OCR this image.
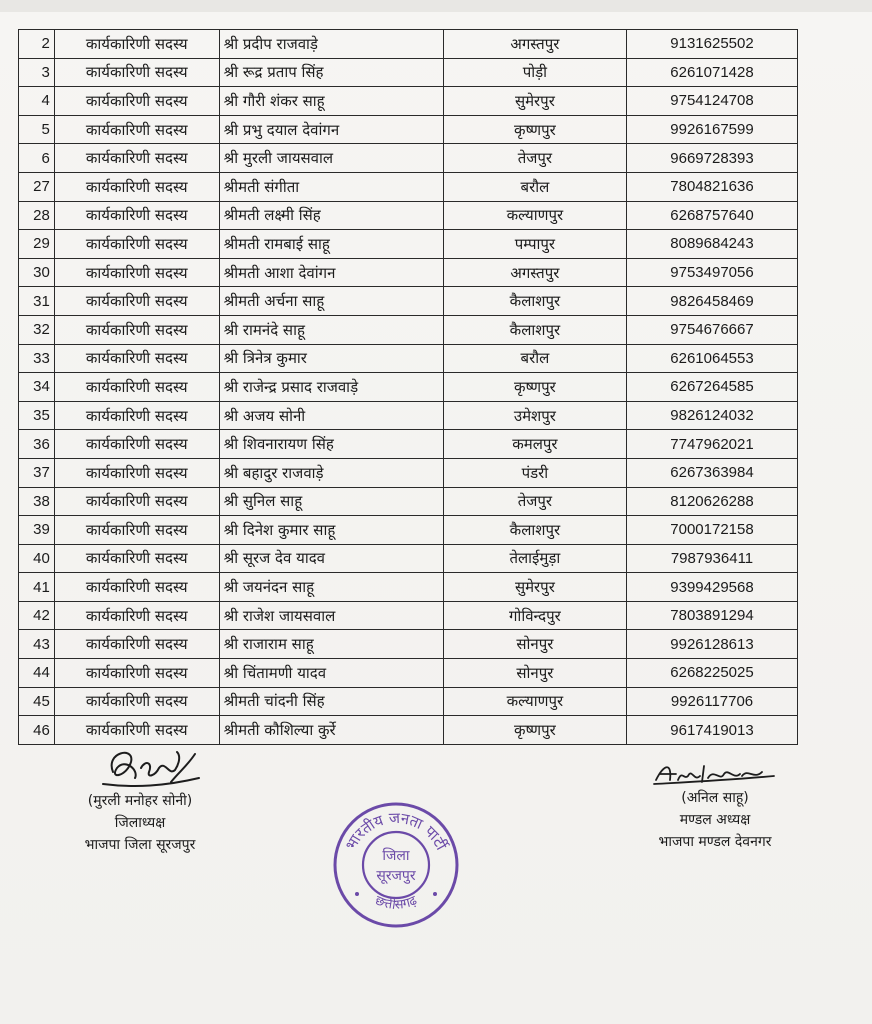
2	कार्यकारिणी सदस्य	श्री प्रदीप राजवाड़े	अगस्तपुर	9131625502
3	कार्यकारिणी सदस्य	श्री रूद्र प्रताप सिंह	पोड़ी	6261071428
4	कार्यकारिणी सदस्य	श्री गौरी शंकर साहू	सुमेरपुर	9754124708
5	कार्यकारिणी सदस्य	श्री प्रभु दयाल देवांगन	कृष्णपुर	9926167599
6	कार्यकारिणी सदस्य	श्री मुरली जायसवाल	तेजपुर	9669728393
27	कार्यकारिणी सदस्य	श्रीमती संगीता	बरौल	7804821636
28	कार्यकारिणी सदस्य	श्रीमती लक्ष्मी सिंह	कल्याणपुर	6268757640
29	कार्यकारिणी सदस्य	श्रीमती रामबाई साहू	पम्पापुर	8089684243
30	कार्यकारिणी सदस्य	श्रीमती आशा देवांगन	अगस्तपुर	9753497056
31	कार्यकारिणी सदस्य	श्रीमती अर्चना साहू	कैलाशपुर	9826458469
32	कार्यकारिणी सदस्य	श्री रामनंदे साहू	कैलाशपुर	9754676667
33	कार्यकारिणी सदस्य	श्री त्रिनेत्र कुमार	बरौल	6261064553
34	कार्यकारिणी सदस्य	श्री राजेन्द्र प्रसाद राजवाड़े	कृष्णपुर	6267264585
35	कार्यकारिणी सदस्य	श्री अजय सोनी	उमेशपुर	9826124032
36	कार्यकारिणी सदस्य	श्री शिवनारायण सिंह	कमलपुर	7747962021
37	कार्यकारिणी सदस्य	श्री बहादुर राजवाड़े	पंडरी	6267363984
38	कार्यकारिणी सदस्य	श्री सुनिल साहू	तेजपुर	8120626288
39	कार्यकारिणी सदस्य	श्री दिनेश कुमार साहू	कैलाशपुर	7000172158
40	कार्यकारिणी सदस्य	श्री सूरज देव यादव	तेलाईमुड़ा	7987936411
41	कार्यकारिणी सदस्य	श्री जयनंदन साहू	सुमेरपुर	9399429568
42	कार्यकारिणी सदस्य	श्री राजेश जायसवाल	गोविन्दपुर	7803891294
43	कार्यकारिणी सदस्य	श्री राजाराम साहू	सोनपुर	9926128613
44	कार्यकारिणी सदस्य	श्री चिंतामणी यादव	सोनपुर	6268225025
45	कार्यकारिणी सदस्य	श्रीमती चांदनी सिंह	कल्याणपुर	9926117706
46	कार्यकारिणी सदस्य	श्रीमती कौशिल्या कुर्रे	कृष्णपुर	9617419013
(मुरली मनोहर सोनी)
जिलाध्यक्ष
भाजपा जिला सूरजपुर
(अनिल साहू)
मण्डल अध्यक्ष
भाजपा मण्डल देवनगर
भारतीय जनता पार्टी
जिला
सूरजपुर
छत्तीसगढ़
